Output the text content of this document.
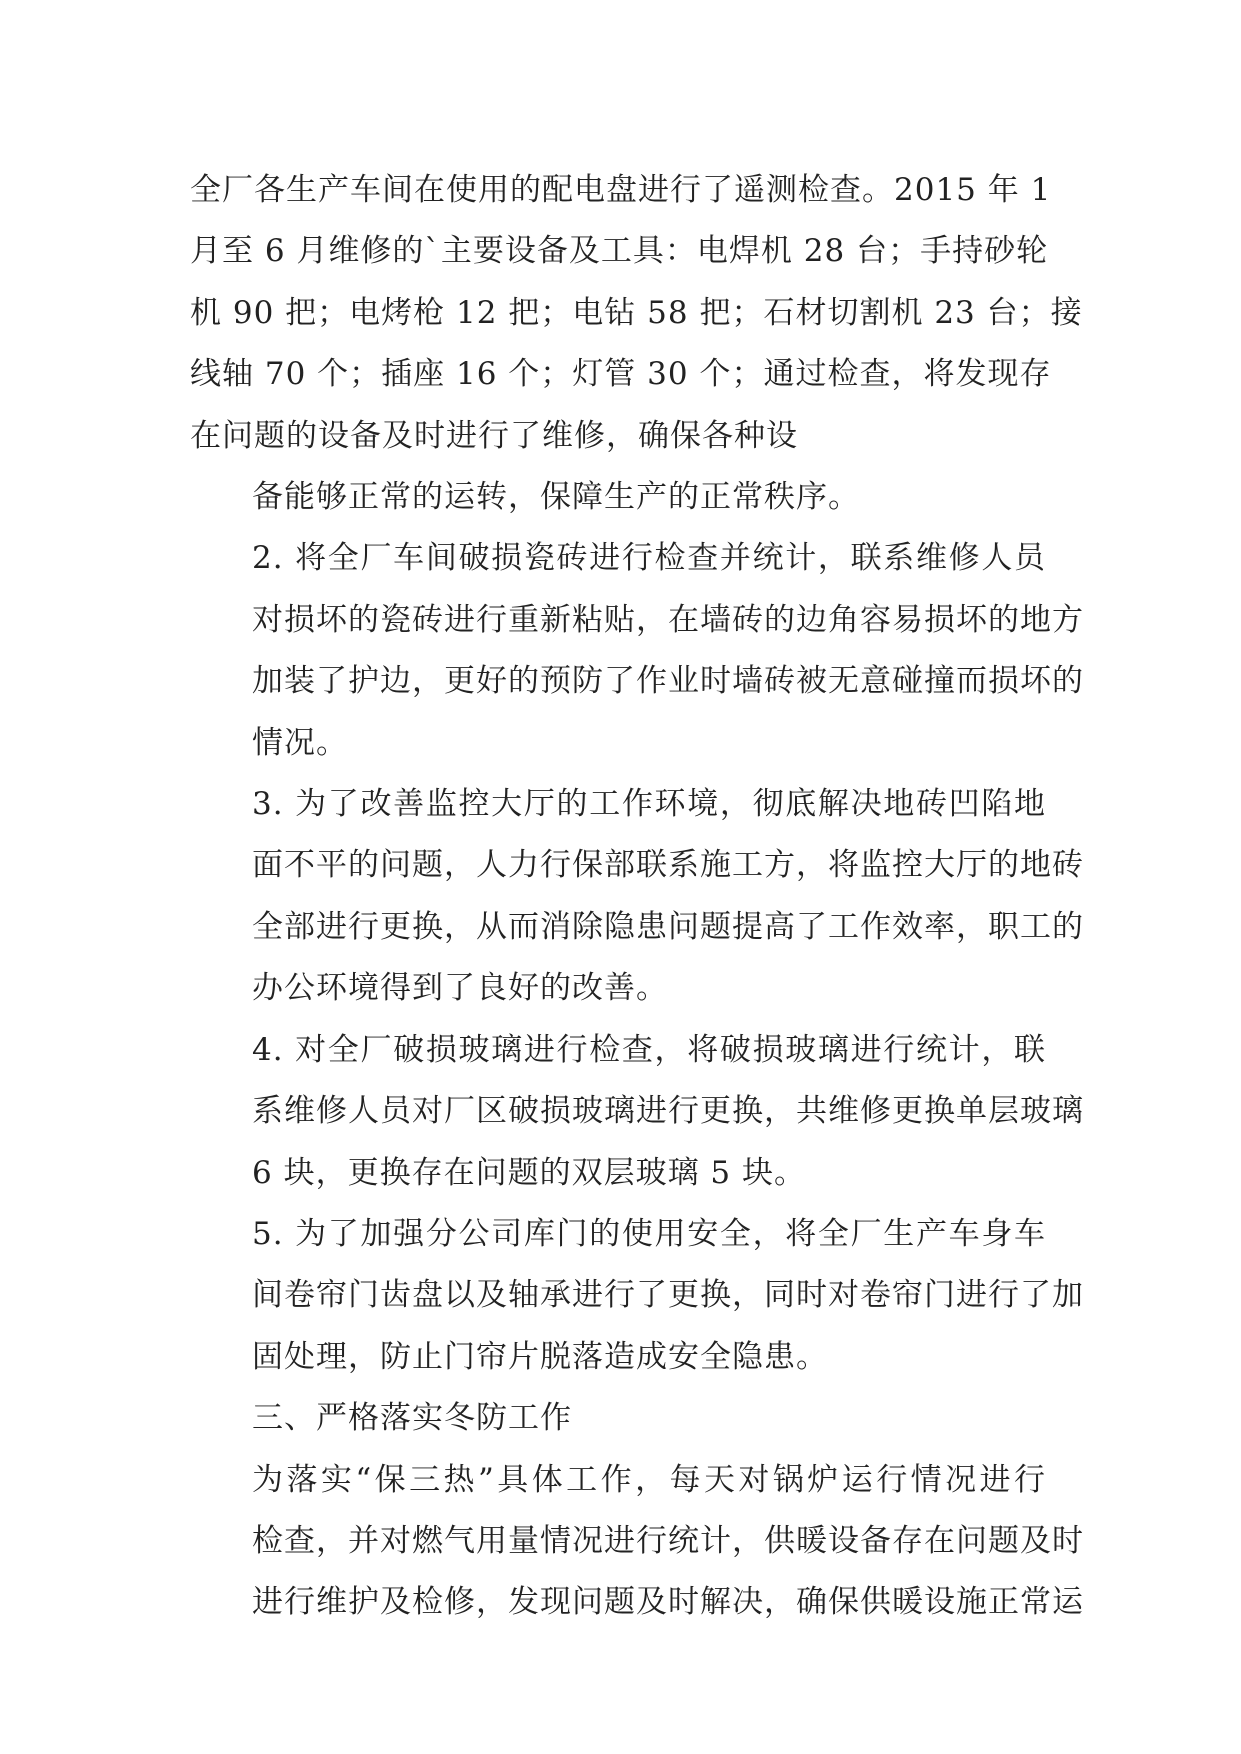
全厂各生产车间在使用的配电盘进行了遥测检查。2015 年 1
月至 6 月维修的`主要设备及工具：电焊机 28 台；手持砂轮
机 90 把；电烤枪 12 把；电钻 58 把；石材切割机 23 台；接
线轴 70 个；插座 16 个；灯管 30 个；通过检查，将发现存
在问题的设备及时进行了维修，确保各种设

备能够正常的运转，保障生产的正常秩序。

2. 将全厂车间破损瓷砖进行检查并统计，联系维修人员
对损坏的瓷砖进行重新粘贴，在墙砖的边角容易损坏的地方
加装了护边，更好的预防了作业时墙砖被无意碰撞而损坏的
情况。

3. 为了改善监控大厅的工作环境，彻底解决地砖凹陷地
面不平的问题，人力行保部联系施工方，将监控大厅的地砖
全部进行更换，从而消除隐患问题提高了工作效率，职工的
办公环境得到了良好的改善。

4. 对全厂破损玻璃进行检查，将破损玻璃进行统计，联
系维修人员对厂区破损玻璃进行更换，共维修更换单层玻璃
6 块，更换存在问题的双层玻璃 5 块。

5. 为了加强分公司库门的使用安全，将全厂生产车身车
间卷帘门齿盘以及轴承进行了更换，同时对卷帘门进行了加
固处理，防止门帘片脱落造成安全隐患。

三、严格落实冬防工作

为落实“保三热”具体工作，每天对锅炉运行情况进行
检查，并对燃气用量情况进行统计，供暖设备存在问题及时
进行维护及检修，发现问题及时解决，确保供暖设施正常运
